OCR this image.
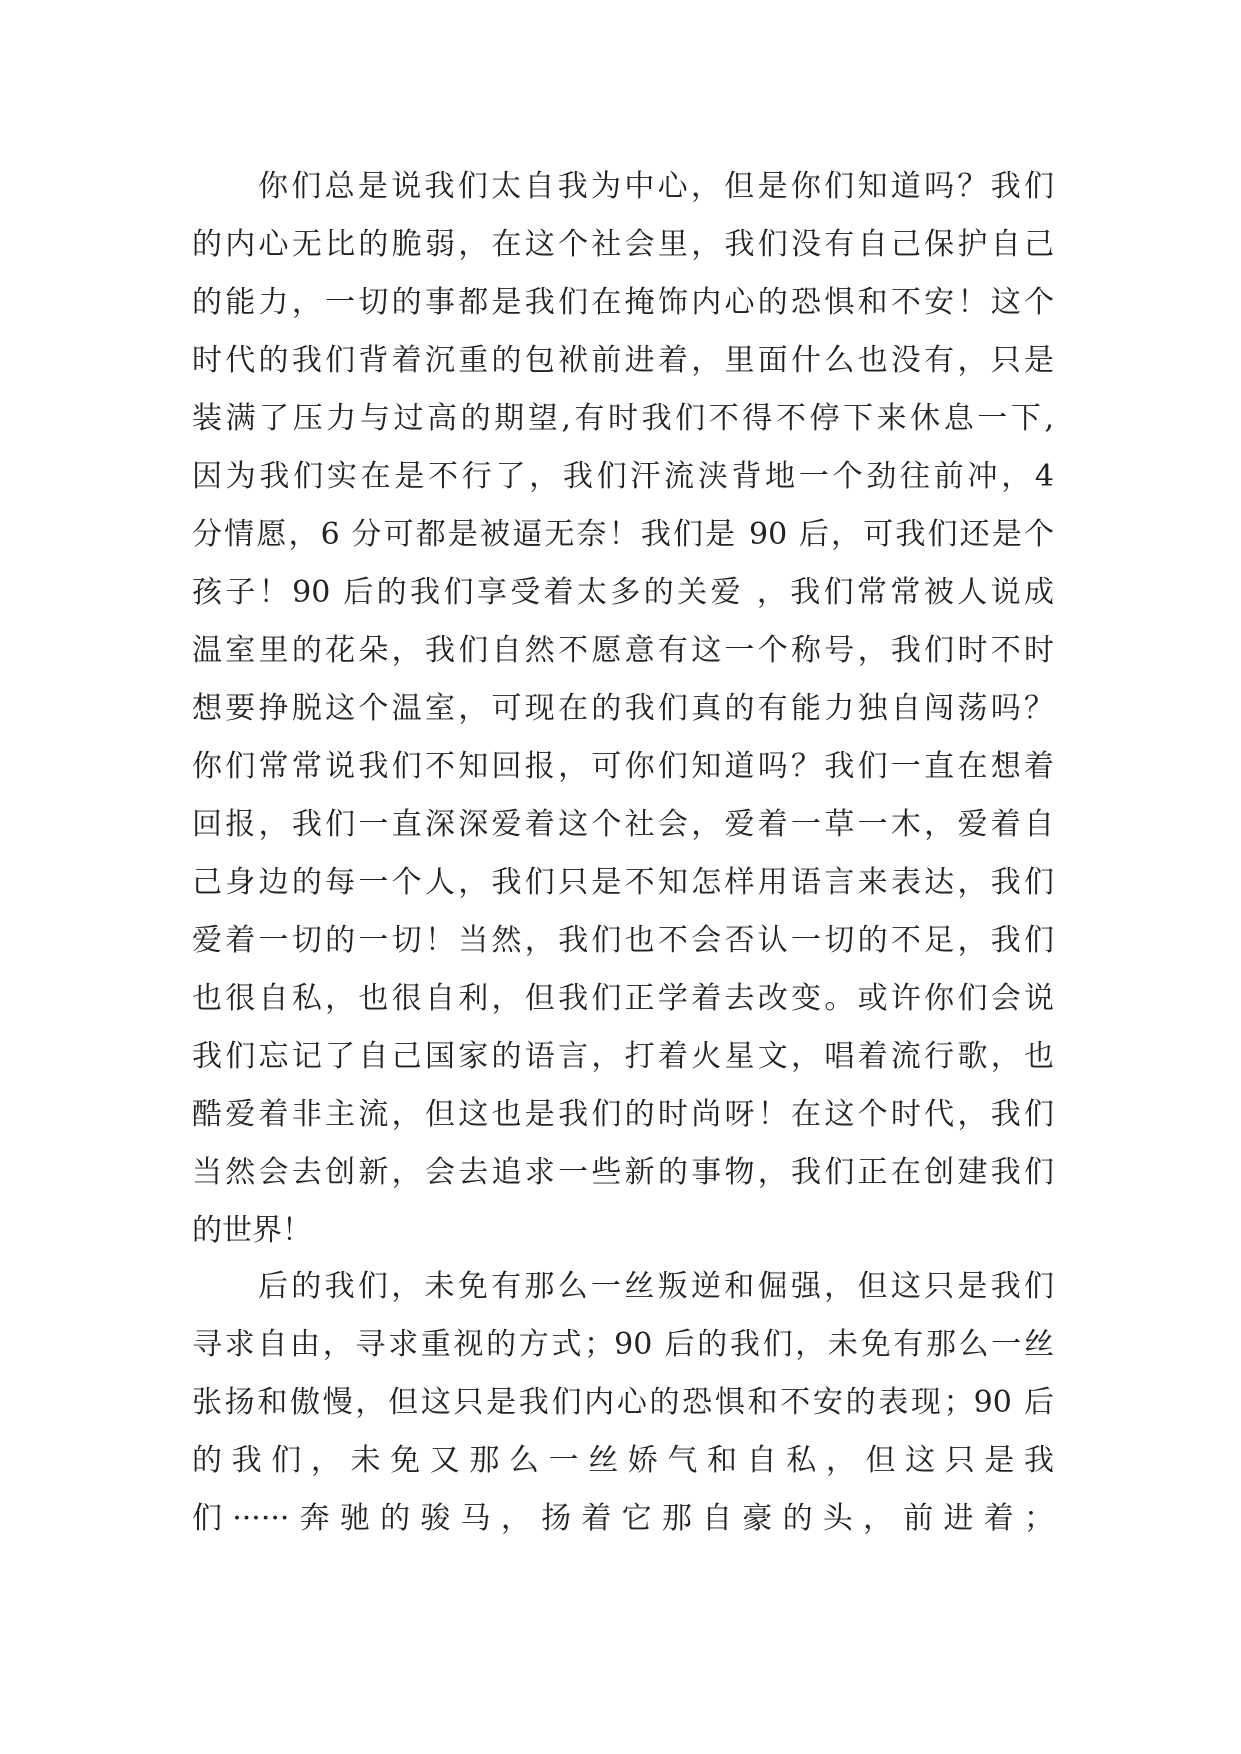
你们总是说我们太自我为中心，但是你们知道吗？我们

的内心无比的脆弱，在这个社会里，我们没有自己保护自己

的能力，一切的事都是我们在掩饰内心的恐惧和不安！这个

时代的我们背着沉重的包袱前进着，里面什么也没有，只是

装满了压力与过高的期望,有时我们不得不停下来休息一下,

因为我们实在是不行了，我们汗流浃背地一个劲往前冲，4

分情愿，6 分可都是被逼无奈！我们是 90 后，可我们还是个

孩子！90 后的我们享受着太多的关爱 ，我们常常被人说成

温室里的花朵，我们自然不愿意有这一个称号，我们时不时

想要挣脱这个温室，可现在的我们真的有能力独自闯荡吗？

你们常常说我们不知回报，可你们知道吗？我们一直在想着

回报，我们一直深深爱着这个社会，爱着一草一木，爱着自

己身边的每一个人，我们只是不知怎样用语言来表达，我们

爱着一切的一切！当然，我们也不会否认一切的不足，我们

也很自私，也很自利，但我们正学着去改变。或许你们会说

我们忘记了自己国家的语言，打着火星文，唱着流行歌，也

酷爱着非主流，但这也是我们的时尚呀！在这个时代，我们

当然会去创新，会去追求一些新的事物，我们正在创建我们

的世界！

后的我们，未免有那么一丝叛逆和倔强，但这只是我们

寻求自由，寻求重视的方式；90 后的我们，未免有那么一丝

张扬和傲慢，但这只是我们内心的恐惧和不安的表现；90 后

的我们，未免又那么一丝娇气和自私，但这只是我

们······奔驰的骏马，扬着它那自豪的头，前进着；
